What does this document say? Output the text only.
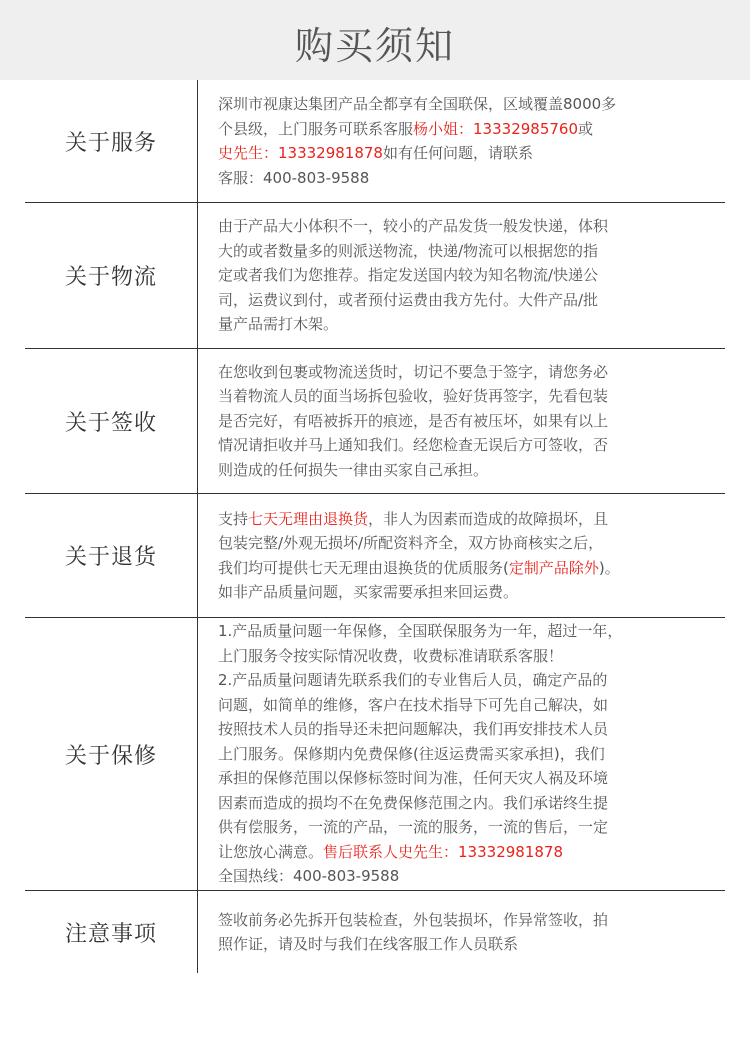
购买须知
关于服务

深圳市视康达集团产品全都享有全国联保，区域覆盖8000多

个县级，上门服务可联系客服杨小姐：13332985760或

史先生：13332981878如有任何问题，请联系

客服：400-803-9588

关于物流

由于产品大小体积不一，较小的产品发货一般发快递，体积

大的或者数量多的则派送物流，快递/物流可以根据您的指

定或者我们为您推荐。指定发送国内较为知名物流/快递公

司，运费议到付，或者预付运费由我方先付。大件产品/批

量产品需打木架。

关于签收

在您收到包裹或物流送货时，切记不要急于签字，请您务必

当着物流人员的面当场拆包验收，验好货再签字，先看包装

是否完好，有唔被拆开的痕迹，是否有被压坏，如果有以上

情况请拒收并马上通知我们。经您检查无误后方可签收，否

则造成的任何损失一律由买家自己承担。

关于退货

支持七天无理由退换货，非人为因素而造成的故障损坏，且

包装完整/外观无损坏/所配资料齐全，双方协商核实之后，

我们均可提供七天无理由退换货的优质服务(定制产品除外)。

如非产品质量问题，买家需要承担来回运费。

关于保修

1.产品质量问题一年保修，全国联保服务为一年，超过一年，

上门服务令按实际情况收费，收费标准请联系客服！

2.产品质量问题请先联系我们的专业售后人员，确定产品的

问题，如简单的维修，客户在技术指导下可先自己解决，如

按照技术人员的指导还未把问题解决，我们再安排技术人员

上门服务。保修期内免费保修(往返运费需买家承担)，我们

承担的保修范围以保修标签时间为准，任何天灾人祸及环境

因素而造成的损均不在免费保修范围之内。我们承诺终生提

供有偿服务，一流的产品，一流的服务，一流的售后，一定

让您放心满意。售后联系人史先生：13332981878

全国热线：400-803-9588

注意事项

签收前务必先拆开包装检查，外包装损坏，作异常签收，拍

照作证，请及时与我们在线客服工作人员联系
